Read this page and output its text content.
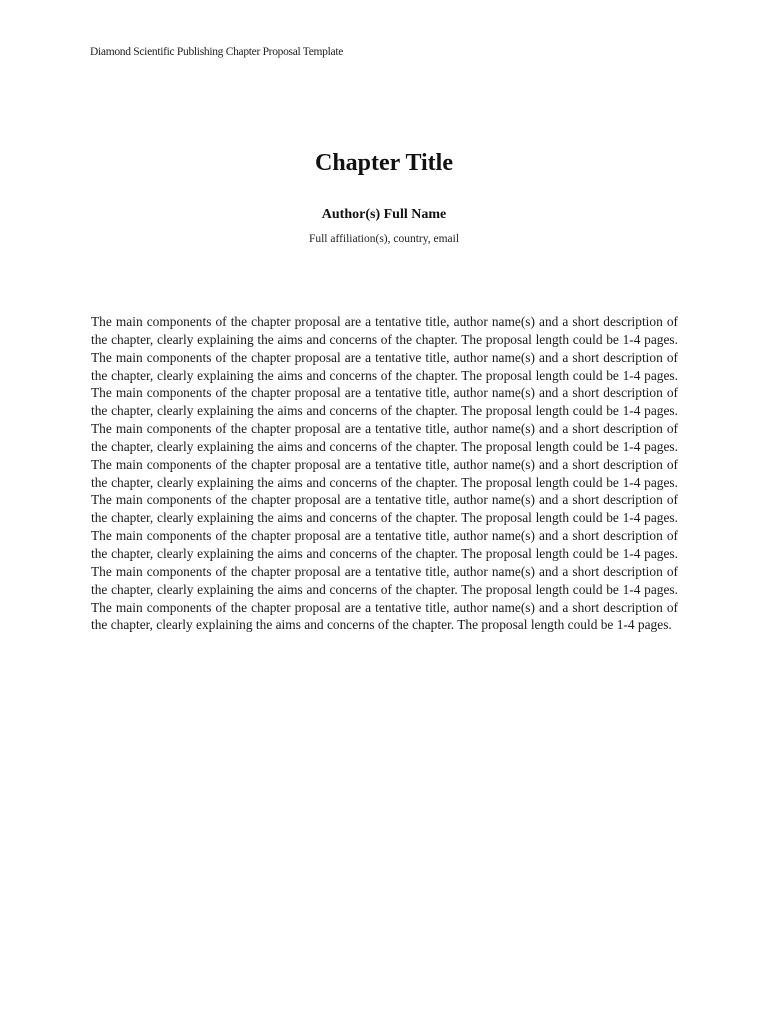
Diamond Scientific Publishing Chapter Proposal Template
Chapter Title
Author(s) Full Name
Full affiliation(s), country, email

The main components of the chapter proposal are a tentative title, author name(s) and a short description of the chapter, clearly explaining the aims and concerns of the chapter. The proposal length could be 1-4 pages. The main components of the chapter proposal are a tentative title, author name(s) and a short description of the chapter, clearly explaining the aims and concerns of the chapter. The proposal length could be 1-4 pages. The main components of the chapter proposal are a tentative title, author name(s) and a short description of the chapter, clearly explaining the aims and concerns of the chapter. The proposal length could be 1-4 pages. The main components of the chapter proposal are a tentative title, author name(s) and a short description of the chapter, clearly explaining the aims and concerns of the chapter. The proposal length could be 1-4 pages. The main components of the chapter proposal are a tentative title, author name(s) and a short description of the chapter, clearly explaining the aims and concerns of the chapter. The proposal length could be 1-4 pages. The main components of the chapter proposal are a tentative title, author name(s) and a short description of the chapter, clearly explaining the aims and concerns of the chapter. The proposal length could be 1-4 pages. The main components of the chapter proposal are a tentative title, author name(s) and a short description of the chapter, clearly explaining the aims and concerns of the chapter. The proposal length could be 1-4 pages. The main components of the chapter proposal are a tentative title, author name(s) and a short description of the chapter, clearly explaining the aims and concerns of the chapter. The proposal length could be 1-4 pages. The main components of the chapter proposal are a tentative title, author name(s) and a short description of the chapter, clearly explaining the aims and concerns of the chapter. The proposal length could be 1-4 pages.
